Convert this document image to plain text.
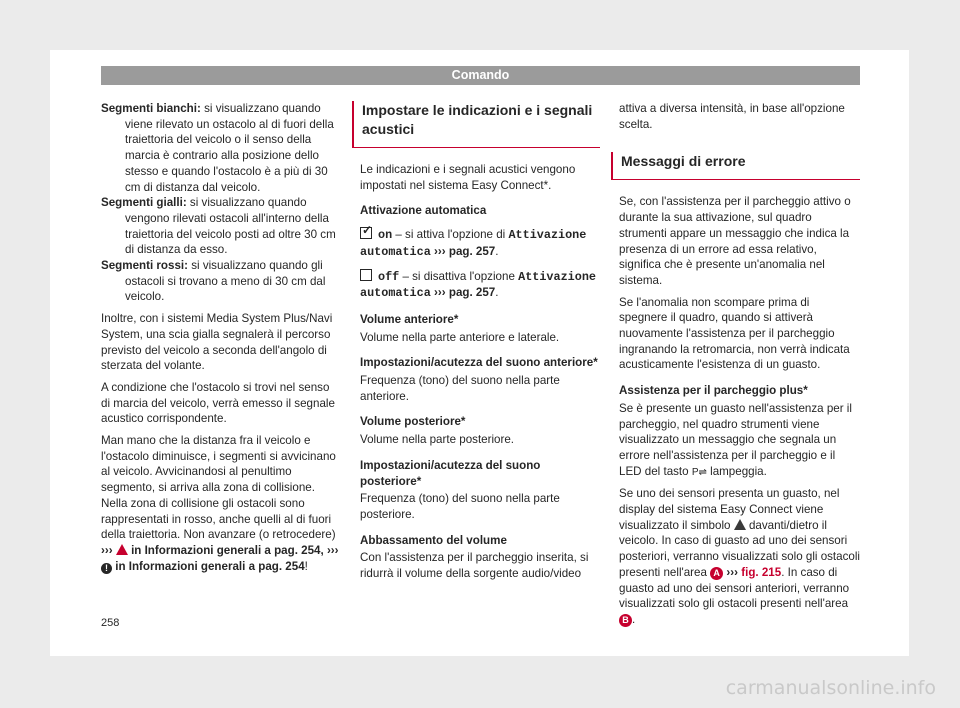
Comando

Segmenti bianchi: si visualizzano quando viene rilevato un ostacolo al di fuori della traiettoria del veicolo o il senso della marcia è contrario alla posizione dello stesso e quando l'ostacolo è a più di 30 cm di distanza dal veicolo.

Segmenti gialli: si visualizzano quando vengono rilevati ostacoli all'interno della traiettoria del veicolo posti ad oltre 30 cm di distanza da esso.

Segmenti rossi: si visualizzano quando gli ostacoli si trovano a meno di 30 cm dal veicolo.

Inoltre, con i sistemi Media System Plus/Navi System, una scia gialla segnalerà il percorso previsto del veicolo a seconda dell'angolo di sterzata del volante.

A condizione che l'ostacolo si trovi nel senso di marcia del veicolo, verrà emesso il segnale acustico corrispondente.

Man mano che la distanza fra il veicolo e l'ostacolo diminuisce, i segmenti si avvicinano al veicolo. Avvicinandosi al penultimo segmento, si arriva alla zona di collisione. Nella zona di collisione gli ostacoli sono rappresentati in rosso, anche quelli al di fuori della traiettoria. Non avanzare (o retrocedere) ››› in Informazioni generali a pag. 254, ››› ! in Informazioni generali a pag. 254!

Impostare le indicazioni e i segnali acustici

Le indicazioni e i segnali acustici vengono impostati nel sistema Easy Connect*.

Attivazione automatica

✓on – si attiva l'opzione di Attivazione automatica ››› pag. 257.

off – si disattiva l'opzione Attivazione automatica ››› pag. 257.

Volume anteriore*

Volume nella parte anteriore e laterale.

Impostazioni/acutezza del suono anteriore*

Frequenza (tono) del suono nella parte anteriore.

Volume posteriore*

Volume nella parte posteriore.

Impostazioni/acutezza del suono posteriore*

Frequenza (tono) del suono nella parte posteriore.

Abbassamento del volume

Con l'assistenza per il parcheggio inserita, si ridurrà il volume della sorgente audio/video

attiva a diversa intensità, in base all'opzione scelta.

Messaggi di errore

Se, con l'assistenza per il parcheggio attivo o durante la sua attivazione, sul quadro strumenti appare un messaggio che indica la presenza di un errore ad essa relativo, significa che è presente un'anomalia nel sistema.

Se l'anomalia non scompare prima di spegnere il quadro, quando si attiverà nuovamente l'assistenza per il parcheggio ingranando la retromarcia, non verrà indicata acusticamente l'esistenza di un guasto.

Assistenza per il parcheggio plus*

Se è presente un guasto nell'assistenza per il parcheggio, nel quadro strumenti viene visualizzato un messaggio che segnala un errore nell'assistenza per il parcheggio e il LED del tasto P⇌ lampeggia.

Se uno dei sensori presenta un guasto, nel display del sistema Easy Connect viene visualizzato il simbolo  davanti/dietro il veicolo. In caso di guasto ad uno dei sensori posteriori, verranno visualizzati solo gli ostacoli presenti nell'area A ››› fig. 215. In caso di guasto ad uno dei sensori anteriori, verranno visualizzati solo gli ostacoli presenti nell'area B .

258
carmanualsonline.info
